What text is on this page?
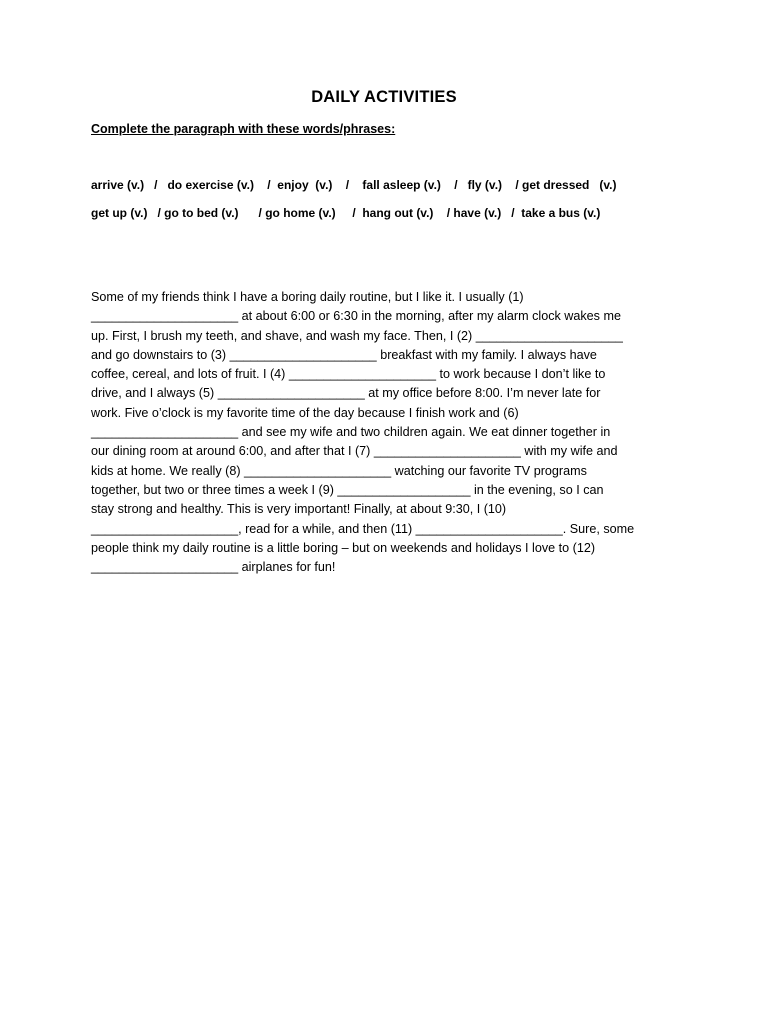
DAILY ACTIVITIES
Complete the paragraph with these words/phrases:
arrive (v.)   /   do exercise (v.)    /  enjoy  (v.)    /    fall asleep (v.)    /   fly (v.)    / get dressed   (v.)
get up (v.)   / go to bed (v.)      / go home (v.)     /  hang out (v.)    / have (v.)   /  take a bus (v.)
Some of my friends think I have a boring daily routine, but I like it. I usually (1)
_____________________ at about 6:00 or 6:30 in the morning, after my alarm clock wakes me
up. First, I brush my teeth, and shave, and wash my face. Then, I (2) _____________________
and go downstairs to (3) _____________________ breakfast with my family. I always have
coffee, cereal, and lots of fruit. I (4) _____________________ to work because I don’t like to
drive, and I always (5) _____________________ at my office before 8:00. I’m never late for
work. Five o’clock is my favorite time of the day because I finish work and (6)
_____________________ and see my wife and two children again. We eat dinner together in
our dining room at around 6:00, and after that I (7) _____________________ with my wife and
kids at home. We really (8) _____________________ watching our favorite TV programs
together, but two or three times a week I (9) ___________________ in the evening, so I can
stay strong and healthy. This is very important! Finally, at about 9:30, I (10)
_____________________, read for a while, and then (11) _____________________. Sure, some
people think my daily routine is a little boring – but on weekends and holidays I love to (12)
_____________________ airplanes for fun!
